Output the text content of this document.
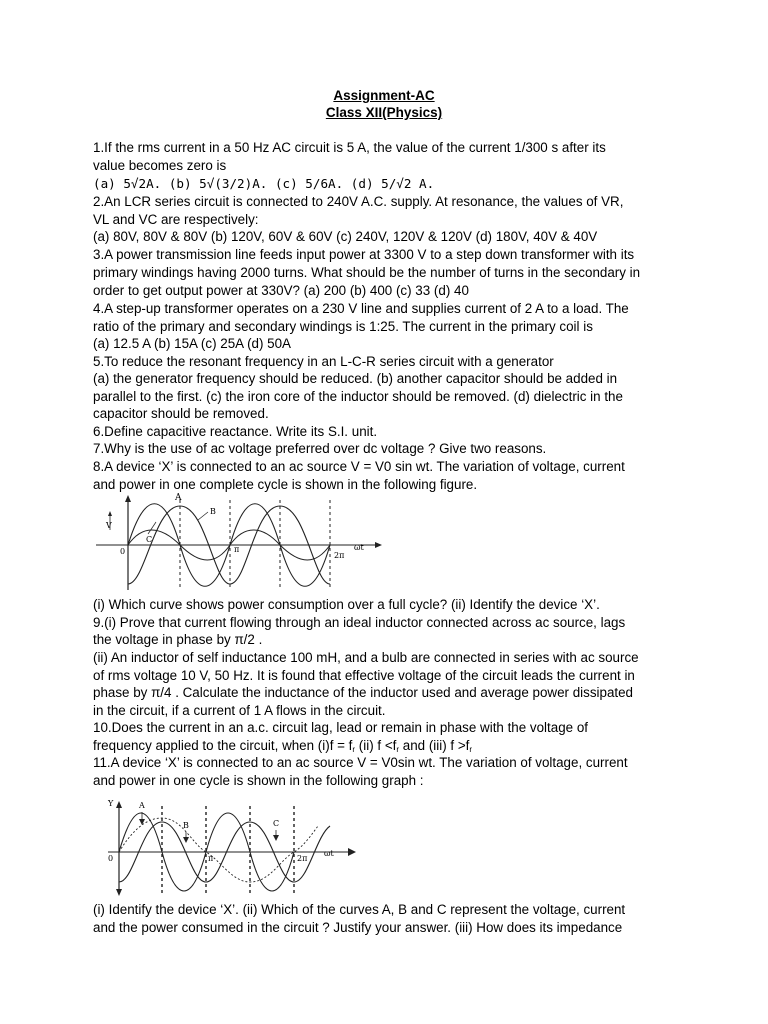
Assignment-AC
Class XII(Physics)
1.If the rms current in a 50 Hz AC circuit is 5 A, the value of the current 1/300 s after its
value becomes zero is
(a) 5√2A. (b) 5√(3/2)A. (c) 5/6A. (d) 5/√2 A.
2.An LCR series circuit is connected to 240V A.C. supply. At resonance, the values of VR,
VL and VC are respectively:
(a) 80V, 80V & 80V (b) 120V, 60V & 60V (c) 240V, 120V & 120V (d) 180V, 40V & 40V
3.A power transmission line feeds input power at 3300 V to a step down transformer with its
primary windings having 2000 turns. What should be the number of turns in the secondary in
order to get output power at 330V? (a) 200 (b) 400 (c) 33 (d) 40
4.A step-up transformer operates on a 230 V line and supplies current of 2 A to a load. The
ratio of the primary and secondary windings is 1:25. The current in the primary coil is
(a) 12.5 A (b) 15A (c) 25A (d) 50A
5.To reduce the resonant frequency in an L-C-R series circuit with a generator
(a) the generator frequency should be reduced. (b) another capacitor should be added in
parallel to the first. (c) the iron core of the inductor should be removed. (d) dielectric in the
capacitor should be removed.
6.Define capacitive reactance. Write its S.I. unit.
7.Why is the use of ac voltage preferred over dc voltage ? Give two reasons.
8.A device ‘X’ is connected to an ac source V = V0 sin wt. The variation of voltage, current
and power in one complete cycle is shown in the following figure.
A
B
C
V
0	π
2π
ωt
(i) Which curve shows power consumption over a full cycle? (ii) Identify the device ‘X’.
9.(i) Prove that current flowing through an ideal inductor connected across ac source, lags
the voltage in phase by π/2 .
(ii) An inductor of self inductance 100 mH, and a bulb are connected in series with ac source
of rms voltage 10 V, 50 Hz. It is found that effective voltage of the circuit leads the current in
phase by π/4 . Calculate the inductance of the inductor used and average power dissipated
in the circuit, if a current of 1 A flows in the circuit.
10.Does the current in an a.c. circuit lag, lead or remain in phase with the voltage of
frequency applied to the circuit, when $(i)f = f_r$ (ii) $f <f_r$ and (iii) $f >f_r$
11.A device ‘X’ is connected to an ac source V = V0sin wt. The variation of voltage, current
and power in one cycle is shown in the following graph :
A
B	C
Y
0	π	2π
ωt
(i) Identify the device ‘X’. (ii) Which of the curves A, B and C represent the voltage, current
and the power consumed in the circuit ? Justify your answer. (iii) How does its impedance
